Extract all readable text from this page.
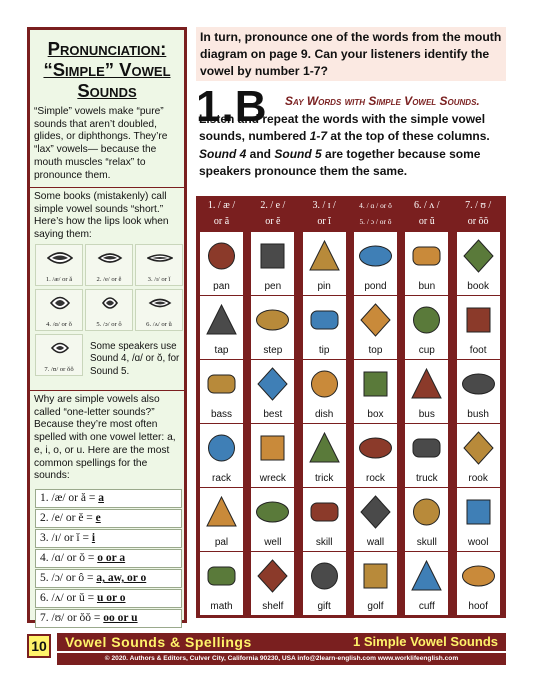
Pronunciation:
“Simple” Vowel
Sounds
“Simple” vowels make “pure” sounds that aren’t doubled, glides, or diphthongs. They’re “lax” vowels— because the mouth muscles “relax” to pronounce them.
Some books (mistakenly) call simple vowel sounds “short.” Here’s how the lips look when saying them:
1. /æ/ or ă	2. /e/ or ĕ	3. /ɪ/ or ĭ
4. /ɑ/ or ŏ	5. /ɔ/ or ô	6. /ʌ/ or ŭ
7. /ʊ/ or ŏŏ
Some speakers use Sound 4, /ɑ/ or ŏ, for Sound 5.
Why are simple vowels also called “one-letter sounds?” Because they’re most often spelled with one vowel letter: a, e, i, o, or u. Here are the most common spellings for the sounds:
1. /æ/ or ă = a
2. /e/ or ĕ = e
3. /ɪ/ or ĭ = i
4. /ɑ/ or ŏ = o or a
5. /ɔ/ or ô = a, aw, or o
6. /ʌ/ or ŭ = u or o
7. /ʊ/ or ŏŏ = oo or u
In turn, pronounce one of the words from the mouth diagram on page 9. Can your listeners identify the vowel by number 1-7?
1.B	Say Words with Simple Vowel Sounds. Listen and repeat the words with the simple vowel sounds, numbered 1-7 at the top of these columns. Sound 4 and Sound 5 are together because some speakers pronounce them the same.
1. / æ /
or ă
2. / e /
or ĕ
3. / ɪ /
or ĭ
4. / ɑ / or ŏ
5. / ɔ / or ô
6. / ʌ /
or ŭ
7. / ʊ /
or ŏŏ
pan	pen	pin	pond	bun	book
tap	step	tip	top	cup	foot
bass	best	dish	box	bus	bush
rack	wreck	trick	rock	truck	rook
pal	well	skill	wall	skull	wool
math	shelf	gift	golf	cuff	hoof
10	Vowel Sounds & Spellings	1 Simple Vowel Sounds
© 2020. Authors & Editors, Culver City, California 90230, USA info@2learn-english.com www.worklifeenglish.com
